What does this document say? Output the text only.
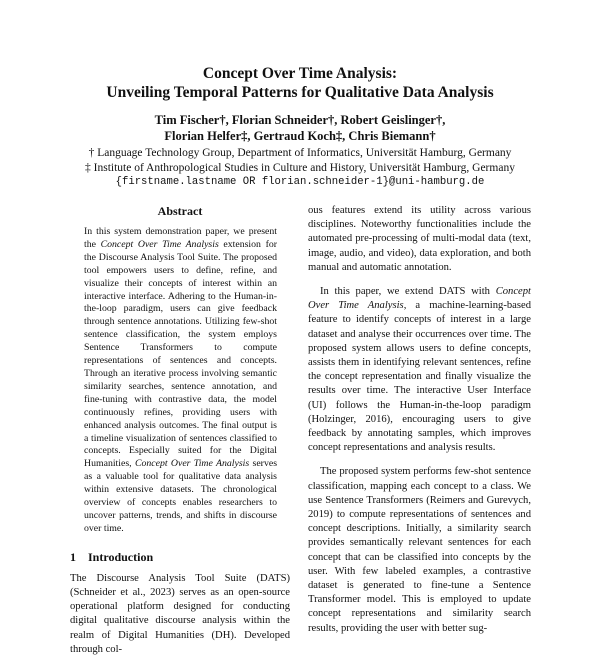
Concept Over Time Analysis:
Unveiling Temporal Patterns for Qualitative Data Analysis
Tim Fischer†, Florian Schneider†, Robert Geislinger†,
Florian Helfer‡, Gertraud Koch‡, Chris Biemann†
† Language Technology Group, Department of Informatics, Universität Hamburg, Germany
‡ Institute of Anthropological Studies in Culture and History, Universität Hamburg, Germany
{firstname.lastname OR florian.schneider-1}@uni-hamburg.de
Abstract

In this system demonstration paper, we present the Concept Over Time Analysis extension for the Discourse Analysis Tool Suite. The proposed tool empowers users to define, refine, and visualize their concepts of interest within an interactive interface. Adhering to the Human-in-the-loop paradigm, users can give feedback through sentence annotations. Utilizing few-shot sentence classification, the system employs Sentence Transformers to compute representations of sentences and concepts. Through an iterative process involving semantic similarity searches, sentence annotation, and fine-tuning with contrastive data, the model continuously refines, providing users with enhanced analysis outcomes. The final output is a timeline visualization of sentences classified to concepts. Especially suited for the Digital Humanities, Concept Over Time Analysis serves as a valuable tool for qualitative data analysis within extensive datasets. The chronological overview of concepts enables researchers to uncover patterns, trends, and shifts in discourse over time.

1 Introduction

The Discourse Analysis Tool Suite (DATS) (Schneider et al., 2023) serves as an open-source operational platform designed for conducting digital qualitative discourse analysis within the realm of Digital Humanities (DH). Developed through col-

ous features extend its utility across various disciplines. Noteworthy functionalities include the automated pre-processing of multi-modal data (text, image, audio, and video), data exploration, and both manual and automatic annotation.

In this paper, we extend DATS with Concept Over Time Analysis, a machine-learning-based feature to identify concepts of interest in a large dataset and analyse their occurrences over time. The proposed system allows users to define concepts, assists them in identifying relevant sentences, refine the concept representation and finally visualize the results over time. The interactive User Interface (UI) follows the Human-in-the-loop paradigm (Holzinger, 2016), encouraging users to give feedback by annotating samples, which improves concept representations and analysis results.

The proposed system performs few-shot sentence classification, mapping each concept to a class. We use Sentence Transformers (Reimers and Gurevych, 2019) to compute representations of sentences and concept descriptions. Initially, a similarity search provides semantically relevant sentences for each concept that can be classified into concepts by the user. With few labeled examples, a contrastive dataset is generated to fine-tune a Sentence Transformer model. This is employed to update concept representations and similarity search results, providing the user with better sug-
